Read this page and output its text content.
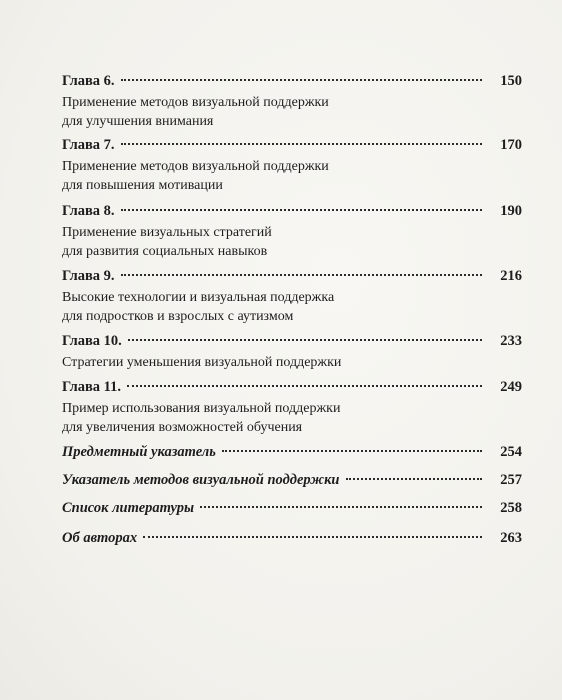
Глава 6.	150
Применение методов визуальной поддержки
для улучшения внимания
Глава 7.	170
Применение методов визуальной поддержки
для повышения мотивации
Глава 8.	190
Применение визуальных стратегий
для развития социальных навыков
Глава 9.	216
Высокие технологии и визуальная поддержка
для подростков и взрослых с аутизмом
Глава 10.	233
Стратегии уменьшения визуальной поддержки
Глава 11.	249
Пример использования визуальной поддержки
для увеличения возможностей обучения
Предметный указатель	254
Указатель методов визуальной поддержки	257
Список литературы	258
Об авторах	263
